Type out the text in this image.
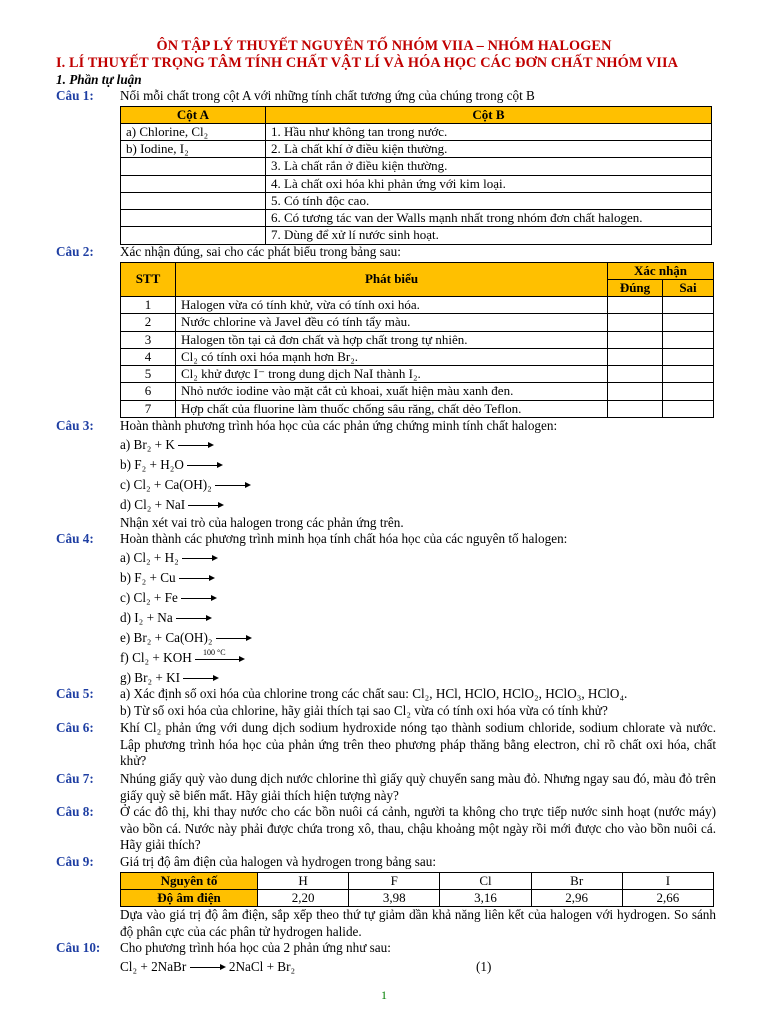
ÔN TẬP LÝ THUYẾT NGUYÊN TỐ NHÓM VIIA – NHÓM HALOGEN

I. LÍ THUYẾT TRỌNG TÂM TÍNH CHẤT VẬT LÍ VÀ HÓA HỌC CÁC ĐƠN CHẤT NHÓM VIIA

1. Phần tự luận
Câu 1:	Nối mỗi chất trong cột A với những tính chất tương ứng của chúng trong cột B
Cột A	Cột B
a) Chlorine, Cl₂	1. Hầu như không tan trong nước.
b) Iodine, I₂	2. Là chất khí ở điều kiện thường.
	3. Là chất rắn ở điều kiện thường.
	4. Là chất oxi hóa khi phản ứng với kim loại.
	5. Có tính độc cao.
	6. Có tương tác van der Walls mạnh nhất trong nhóm đơn chất halogen.
	7. Dùng để xử lí nước sinh hoạt.
Câu 2:	Xác nhận đúng, sai cho các phát biểu trong bảng sau:
STT	Phát biểu	Xác nhận	
		Đúng	Sai
1	Halogen vừa có tính khử, vừa có tính oxi hóa.		
2	Nước chlorine và Javel đều có tính tẩy màu.		
3	Halogen tồn tại cả đơn chất và hợp chất trong tự nhiên.		
4	Cl₂ có tính oxi hóa mạnh hơn Br₂.		
5	Cl₂ khử được I⁻ trong dung dịch NaI thành I₂.		
6	Nhỏ nước iodine vào mặt cắt củ khoai, xuất hiện màu xanh đen.		
7	Hợp chất của fluorine làm thuốc chống sâu răng, chất dẻo Teflon.		
Câu 3:	Hoàn thành phương trình hóa học của các phản ứng chứng minh tính chất halogen:
a) Br₂ + K
b) F₂ + H₂O
c) Cl₂ + Ca(OH)₂
d) Cl₂ + NaI
Nhận xét vai trò của halogen trong các phản ứng trên.
Câu 4:	Hoàn thành các phương trình minh họa tính chất hóa học của các nguyên tố halogen:
a) Cl₂ + H₂
b) F₂ + Cu
c) Cl₂ + Fe
d) I₂ + Na
e) Br₂ + Ca(OH)₂
f) Cl₂ + KOH 100 °C
g) Br₂ + KI
Câu 5:	a) Xác định số oxi hóa của chlorine trong các chất sau: Cl₂, HCl, HClO, HClO₂, HClO₃, HClO₄.
b) Từ số oxi hóa của chlorine, hãy giải thích tại sao Cl₂ vừa có tính oxi hóa vừa có tính khử?
Câu 6:	Khí Cl₂ phản ứng với dung dịch sodium hydroxide nóng tạo thành sodium chloride, sodium chlorate và nước. Lập phương trình hóa học của phản ứng trên theo phương pháp thăng bằng electron, chỉ rõ chất oxi hóa, chất khử?
Câu 7:	Nhúng giấy quỳ vào dung dịch nước chlorine thì giấy quỳ chuyển sang màu đỏ. Nhưng ngay sau đó, màu đỏ trên giấy quỳ sẽ biến mất. Hãy giải thích hiện tượng này?
Câu 8:	Ở các đô thị, khi thay nước cho các bồn nuôi cá cảnh, người ta không cho trực tiếp nước sinh hoạt (nước máy) vào bồn cá. Nước này phải được chứa trong xô, thau, chậu khoảng một ngày rồi mới được cho vào bồn nuôi cá. Hãy giải thích?
Câu 9:	Giá trị độ âm điện của halogen và hydrogen trong bảng sau:
Nguyên tố	H	F	Cl	Br	I
Độ âm điện	2,20	3,98	3,16	2,96	2,66
Dựa vào giá trị độ âm điện, sắp xếp theo thứ tự giảm dần khả năng liên kết của halogen với hydrogen. So sánh độ phân cực của các phân tử hydrogen halide.
Câu 10:	Cho phương trình hóa học của 2 phản ứng như sau:
Cl₂ + 2NaBr	2NaCl + Br₂	(1)
1
